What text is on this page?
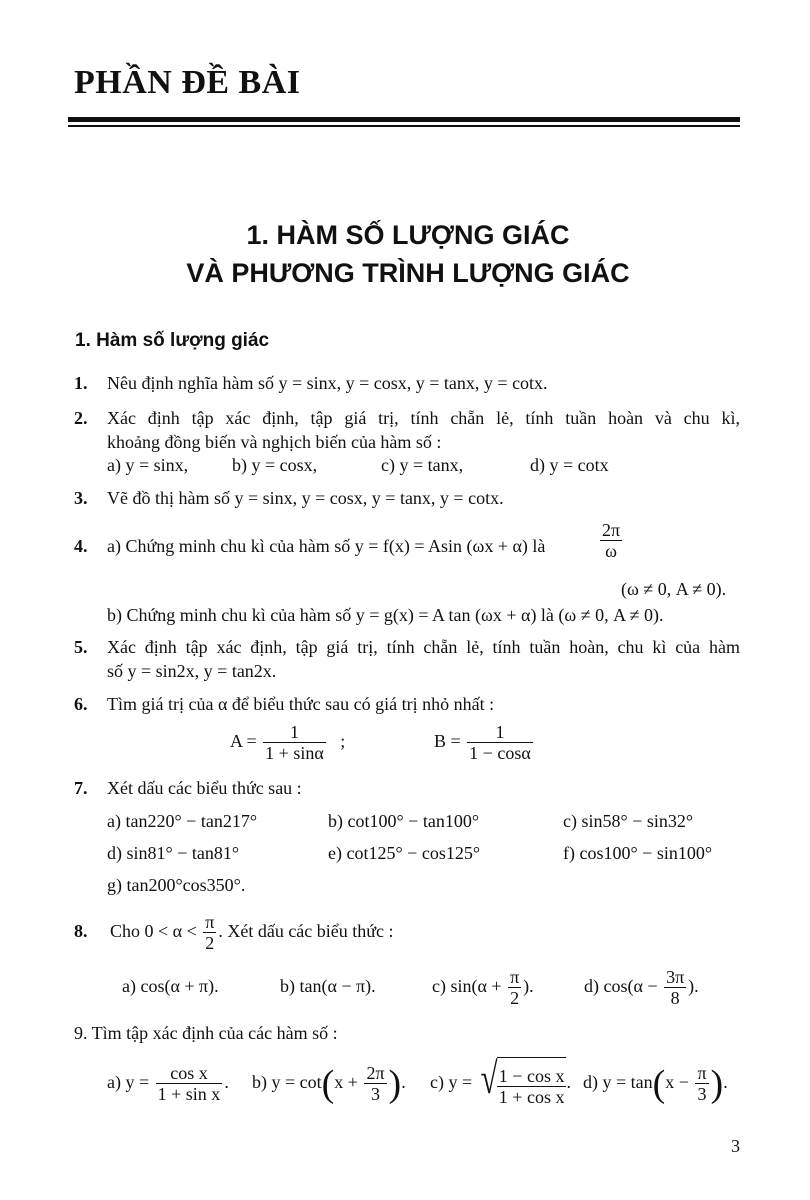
PHẦN ĐỀ BÀI
1. HÀM SỐ LƯỢNG GIÁC
VÀ PHƯƠNG TRÌNH LƯỢNG GIÁC
1. Hàm số lượng giác
1. Nêu định nghĩa hàm số y = sinx, y = cosx, y = tanx, y = cotx.
2. Xác định tập xác định, tập giá trị, tính chẵn lẻ, tính tuần hoàn và chu kì,
khoảng đồng biến và nghịch biến của hàm số :
a) y = sinx, b) y = cosx,	c) y = tanx,	d) y = cotx
3. Vẽ đồ thị hàm số y = sinx, y = cosx, y = tanx, y = cotx.
4. a) Chứng minh chu kì của hàm số y = f(x) = Asin (ωx + α) là	$\frac{2\pi}{\omega}$
(ω ≠ 0, A ≠ 0).
b) Chứng minh chu kì của hàm số y = g(x) = A tan (ωx + α) là (ω ≠ 0, A ≠ 0).
5. Xác định tập xác định, tập giá trị, tính chẵn lẻ, tính tuần hoàn, chu kì của hàm
số y = sin2x, y = tan2x.
6. Tìm giá trị của α để biểu thức sau có giá trị nhỏ nhất :
$A = \frac{1}{1 + \sin\alpha}$ ;	$B = \frac{1}{1 - \cos\alpha}$
7. Xét dấu các biểu thức sau :
a) tan220° − tan217°	b) cot100° − tan100°	c) sin58° − sin32°
d) sin81° − tan81°	e) cot125° − cos125°	f) cos100° − sin100°
g) tan200°cos350°.
8. Cho $0 < \alpha < \frac{\pi}{2}$ . Xét dấu các biểu thức :
a) cos(α + π).	b) tan(α − π).	c) $\sin(\alpha + \frac{\pi}{2}$ ).	d) $\cos(\alpha - \frac{3\pi}{8}$ ).
9. Tìm tập xác định của các hàm số :
a) $y = \frac{\text{cos x}}{\text{1 + sin x}}$ . b) $y = \cot(x + \frac{2\pi}{3}$ ). c) y = √ $\frac{\text{1 − cos x}}{\text{1 + cos x}}$ . d) $y = \tan(x - \frac{\pi}{3}$ ).
3
